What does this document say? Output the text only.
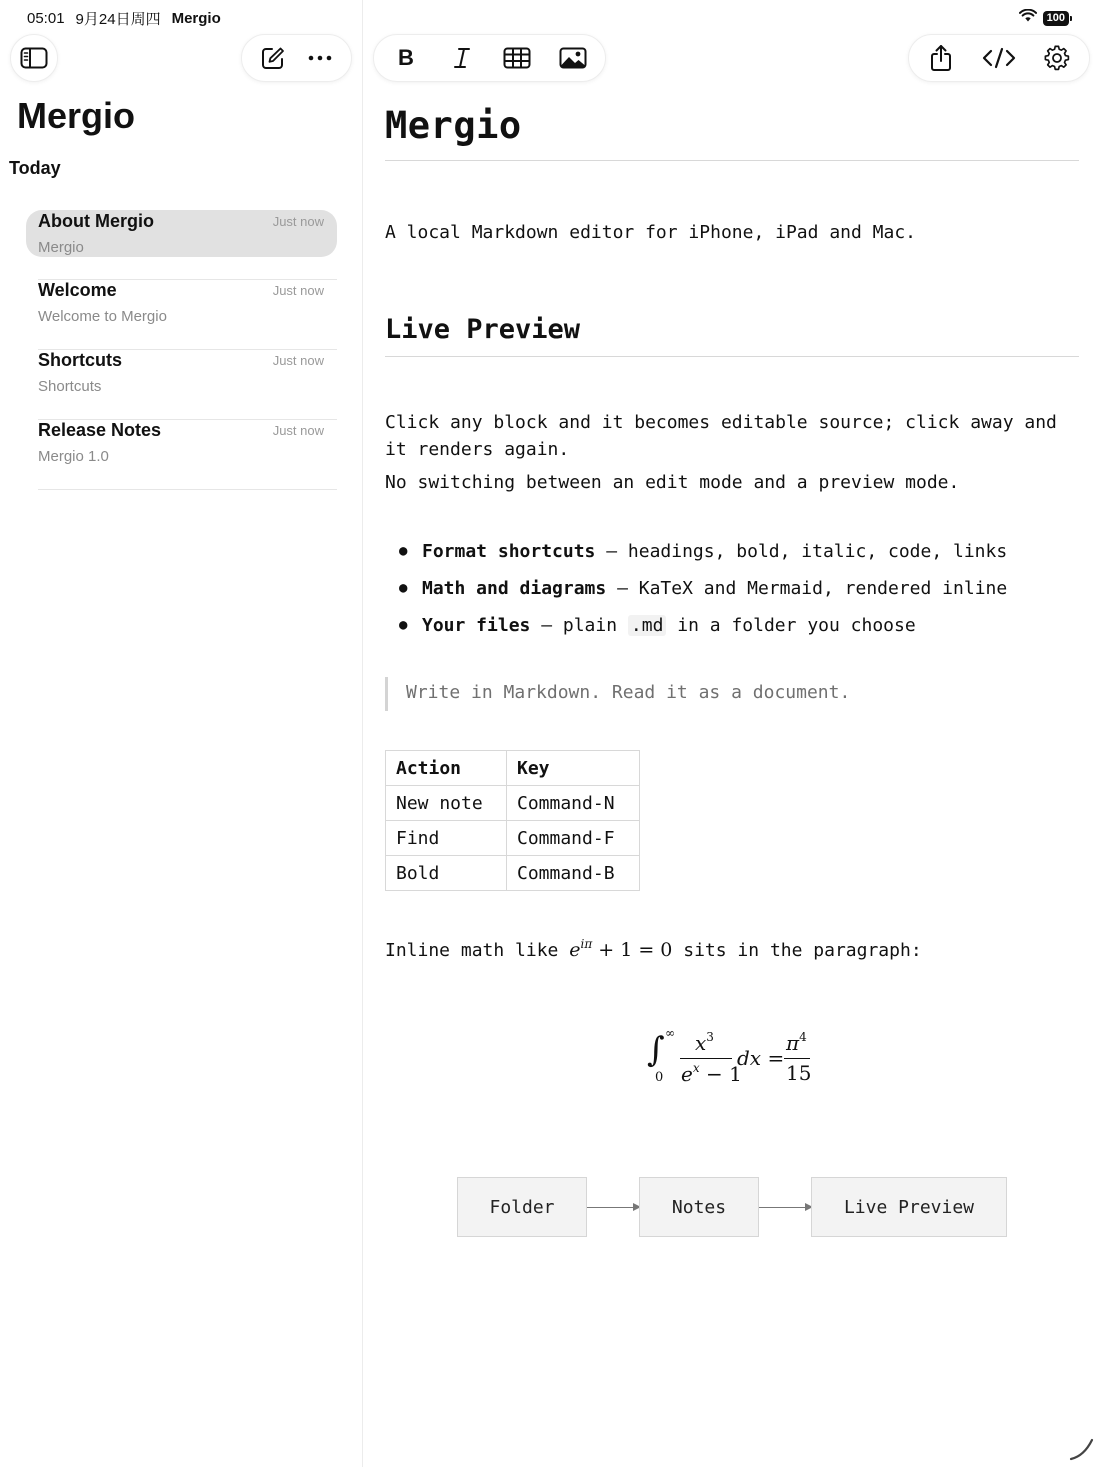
05:01 9月24日周四 Mergio	100
Mergio
Today
About Mergio	Just now
Mergio
Welcome	Just now
Welcome to Mergio
Shortcuts	Just now
Shortcuts
Release Notes	Just now
Mergio 1.0
B
Mergio
A local Markdown editor for iPhone, iPad and Mac.
Live Preview
Click any block and it becomes editable source; click away and
it renders again.
No switching between an edit mode and a preview mode.
● Format shortcuts — headings, bold, italic, code, links
● Math and diagrams — KaTeX and Mermaid, rendered inline
● Your files — plain .md in a folder you choose
Write in Markdown. Read it as a document.
Action	Key
New note	Command-N
Find	Command-F
Bold	Command-B
Inline math like $e^{i\pi} + 1 = 0$ sits in the paragraph:
∞
∫
0
$x^3$
$e^x - 1$
dx =
$\pi^4$
15
Folder	Notes	Live Preview
